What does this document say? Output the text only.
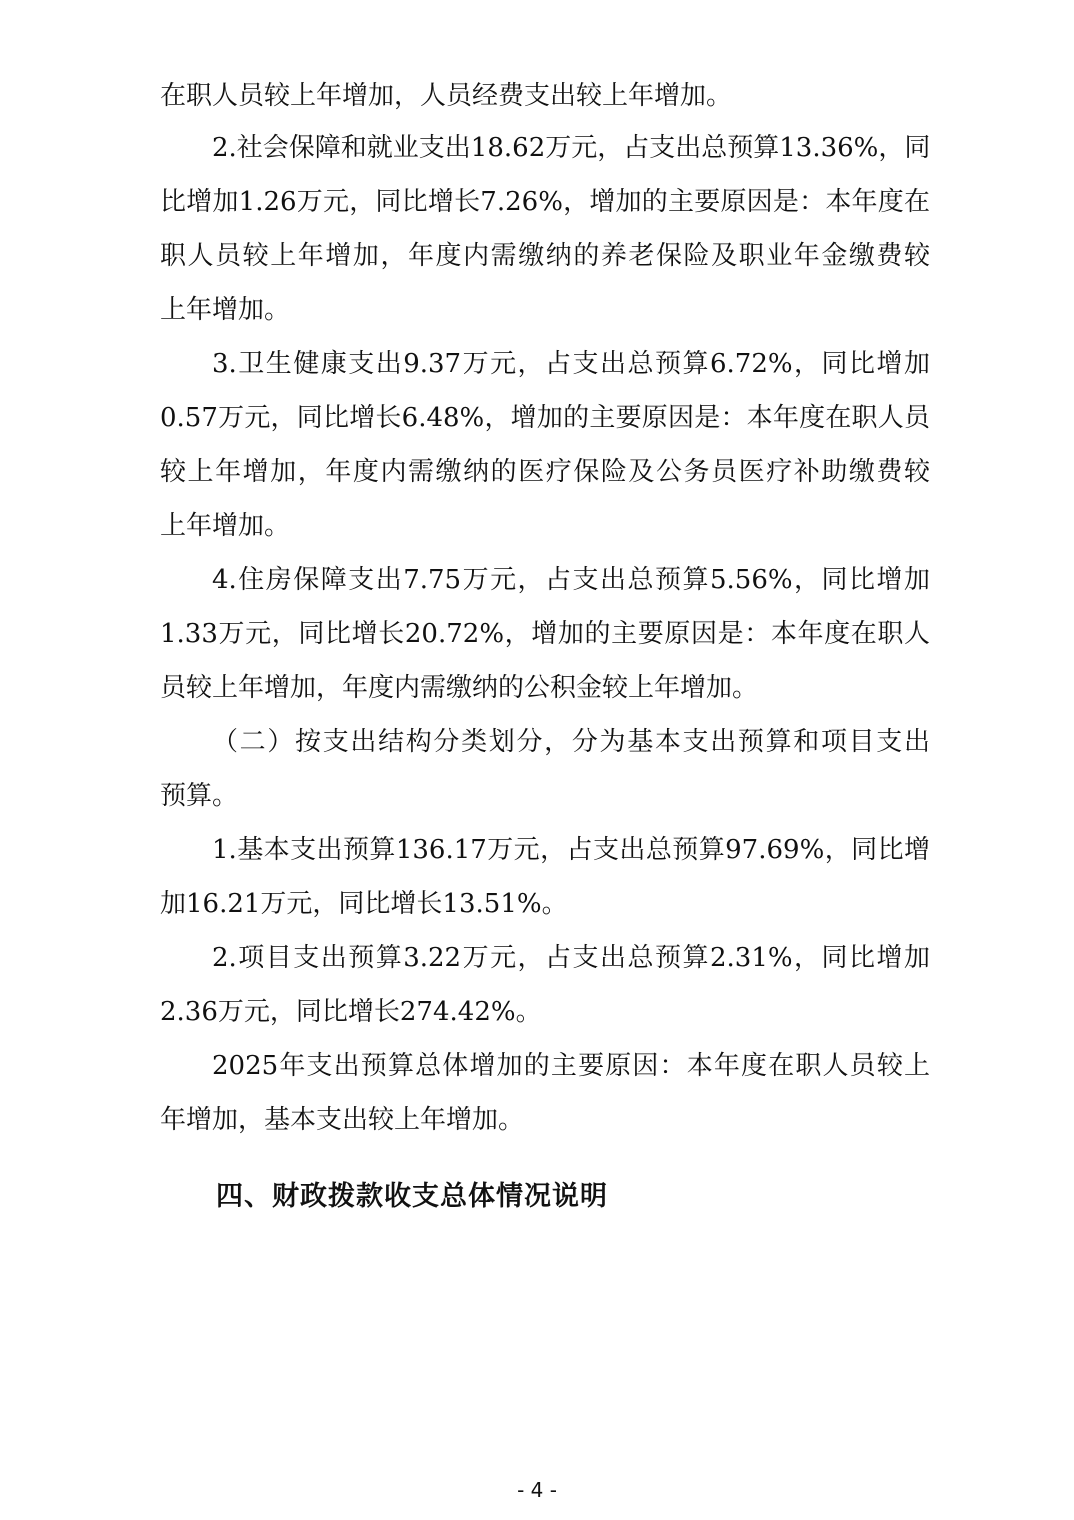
在职人员较上年增加，人员经费支出较上年增加。
2.社会保障和就业支出18.62万元，占支出总预算13.36%，同
比增加1.26万元，同比增长7.26%，增加的主要原因是：本年度在
职人员较上年增加，年度内需缴纳的养老保险及职业年金缴费较
上年增加。
3.卫生健康支出9.37万元，占支出总预算6.72%，同比增加
0.57万元，同比增长6.48%，增加的主要原因是：本年度在职人员
较上年增加，年度内需缴纳的医疗保险及公务员医疗补助缴费较
上年增加。
4.住房保障支出7.75万元，占支出总预算5.56%，同比增加
1.33万元，同比增长20.72%，增加的主要原因是：本年度在职人
员较上年增加，年度内需缴纳的公积金较上年增加。
（二）按支出结构分类划分，分为基本支出预算和项目支出
预算。
1.基本支出预算136.17万元，占支出总预算97.69%，同比增
加16.21万元，同比增长13.51%。
2.项目支出预算3.22万元，占支出总预算2.31%，同比增加
2.36万元，同比增长274.42%。
2025年支出预算总体增加的主要原因：本年度在职人员较上
年增加，基本支出较上年增加。
四、财政拨款收支总体情况说明
- 4 -
